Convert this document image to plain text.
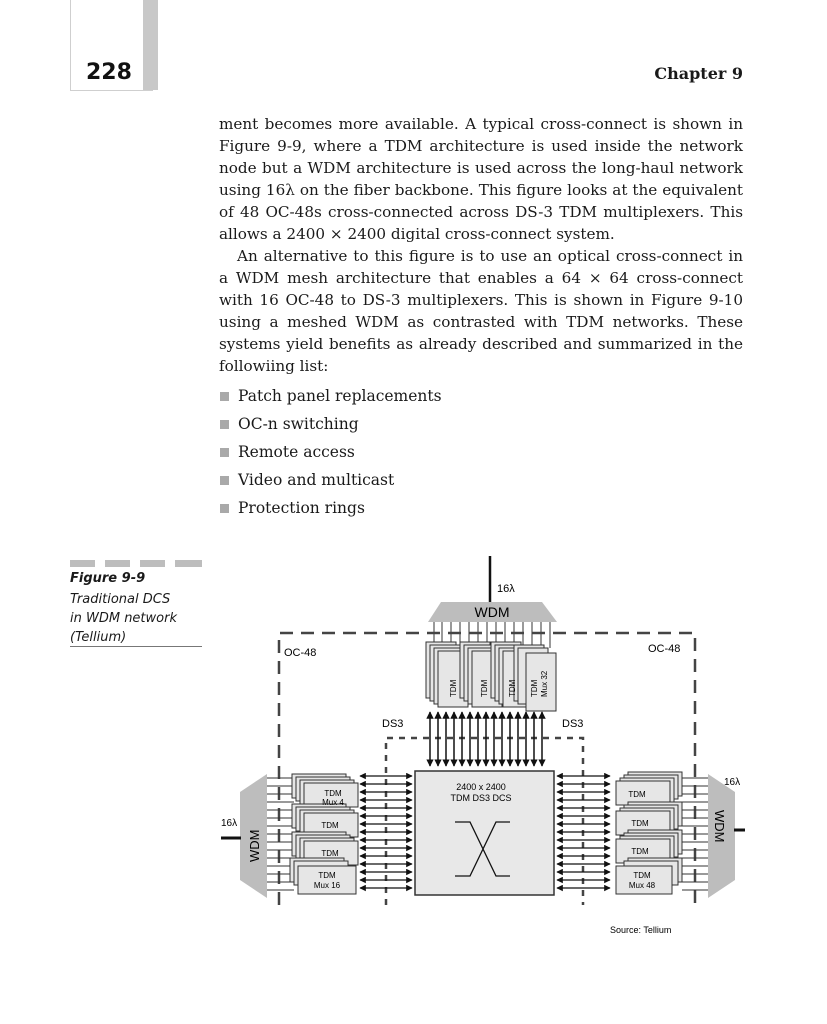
228	Chapter 9

ment becomes more available. A typical cross-connect is shown in Figure 9-9, where a TDM architecture is used inside the network node but a WDM architecture is used across the long-haul network using 16λ on the fiber backbone. This figure looks at the equivalent of 48 OC-48s cross-connected across DS-3 TDM multiplexers. This allows a 2400 × 2400 digital cross-connect system.

An alternative to this figure is to use an optical cross-connect in a WDM mesh architecture that enables a 64 × 64 cross-connect with 16 OC-48 to DS-3 multiplexers. This is shown in Figure 9-10 using a meshed WDM as contrasted with TDM networks. These systems yield benefits as already described and summarized in the followiing list:

Patch panel replacements
OC-n switching
Remote access
Video and multicast
Protection rings
Figure 9-9
Traditional DCS
in WDM network
(Tellium)
16λ
WDM
OC-48	OC-48
DS3	DS3
TDM	TDM TDM TDM Mux 32
2400 x 2400
TDM DS3 DCS
WDM
16λ	WDM
16λ
TDM
Mux 4
TDM
TDM
TDM
Mux 16
TDM
TDM
TDM
TDM
Mux 48
Source: Tellium
